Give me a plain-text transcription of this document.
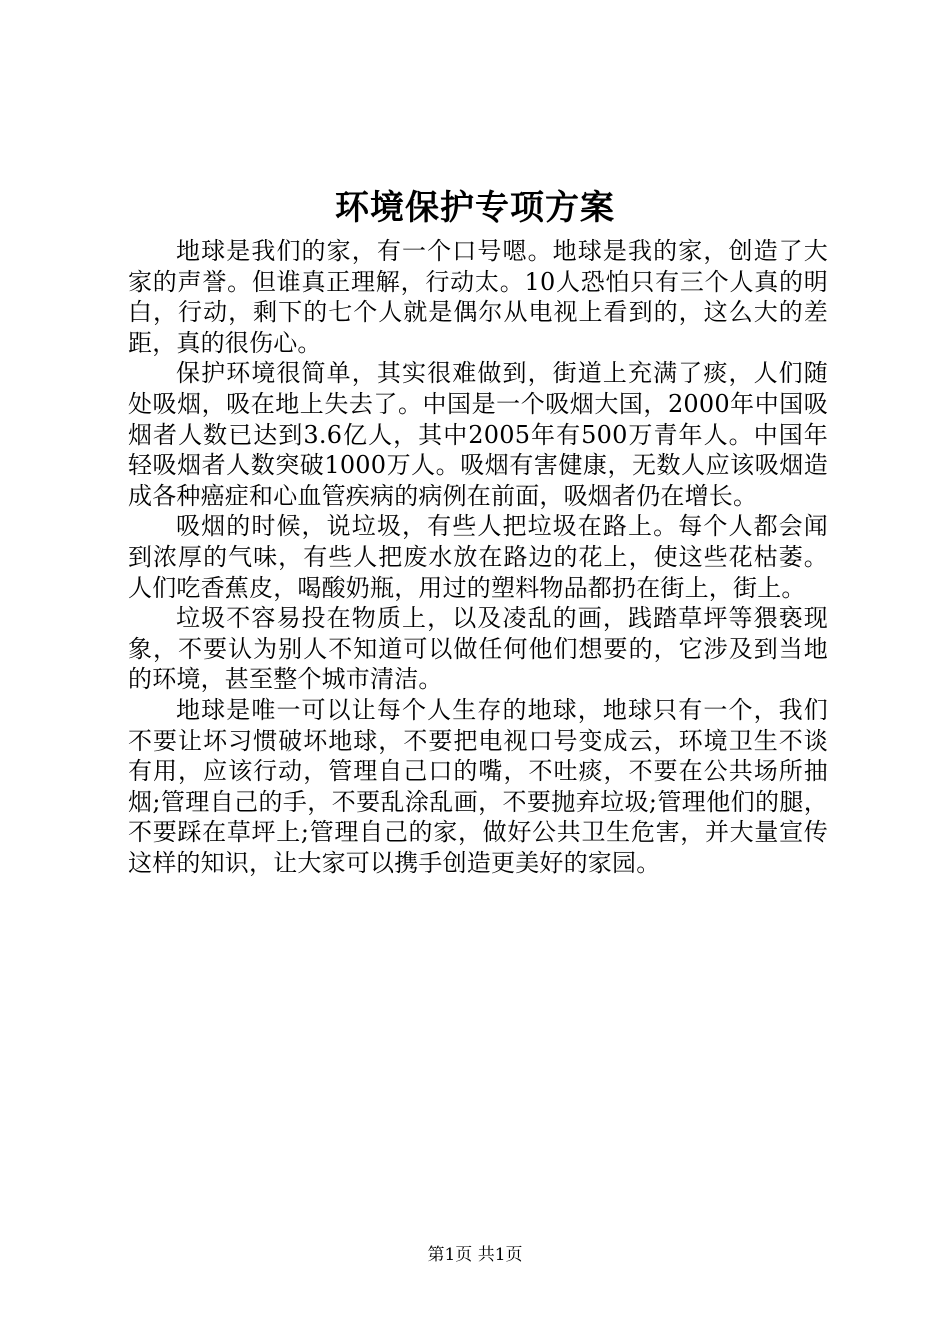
环境保护专项方案

地球是我们的家，有一个口号嗯。地球是我的家，创造了大家的声誉。但谁真正理解，行动太。10人恐怕只有三个人真的明白，行动，剩下的七个人就是偶尔从电视上看到的，这么大的差距，真的很伤心。

保护环境很简单，其实很难做到，街道上充满了痰，人们随处吸烟，吸在地上失去了。中国是一个吸烟大国，2000年中国吸烟者人数已达到3.6亿人，其中2005年有500万青年人。中国年轻吸烟者人数突破1000万人。吸烟有害健康，无数人应该吸烟造成各种癌症和心血管疾病的病例在前面，吸烟者仍在增长。

吸烟的时候，说垃圾，有些人把垃圾在路上。每个人都会闻到浓厚的气味，有些人把废水放在路边的花上，使这些花枯萎。人们吃香蕉皮，喝酸奶瓶，用过的塑料物品都扔在街上，街上。

垃圾不容易投在物质上，以及凌乱的画，践踏草坪等猥亵现象，不要认为别人不知道可以做任何他们想要的，它涉及到当地的环境，甚至整个城市清洁。

地球是唯一可以让每个人生存的地球，地球只有一个，我们不要让坏习惯破坏地球，不要把电视口号变成云，环境卫生不谈有用，应该行动，管理自己口的嘴，不吐痰，不要在公共场所抽烟;管理自己的手，不要乱涂乱画，不要抛弃垃圾;管理他们的腿，不要踩在草坪上;管理自己的家，做好公共卫生危害，并大量宣传这样的知识，让大家可以携手创造更美好的家园。

第1页 共1页
